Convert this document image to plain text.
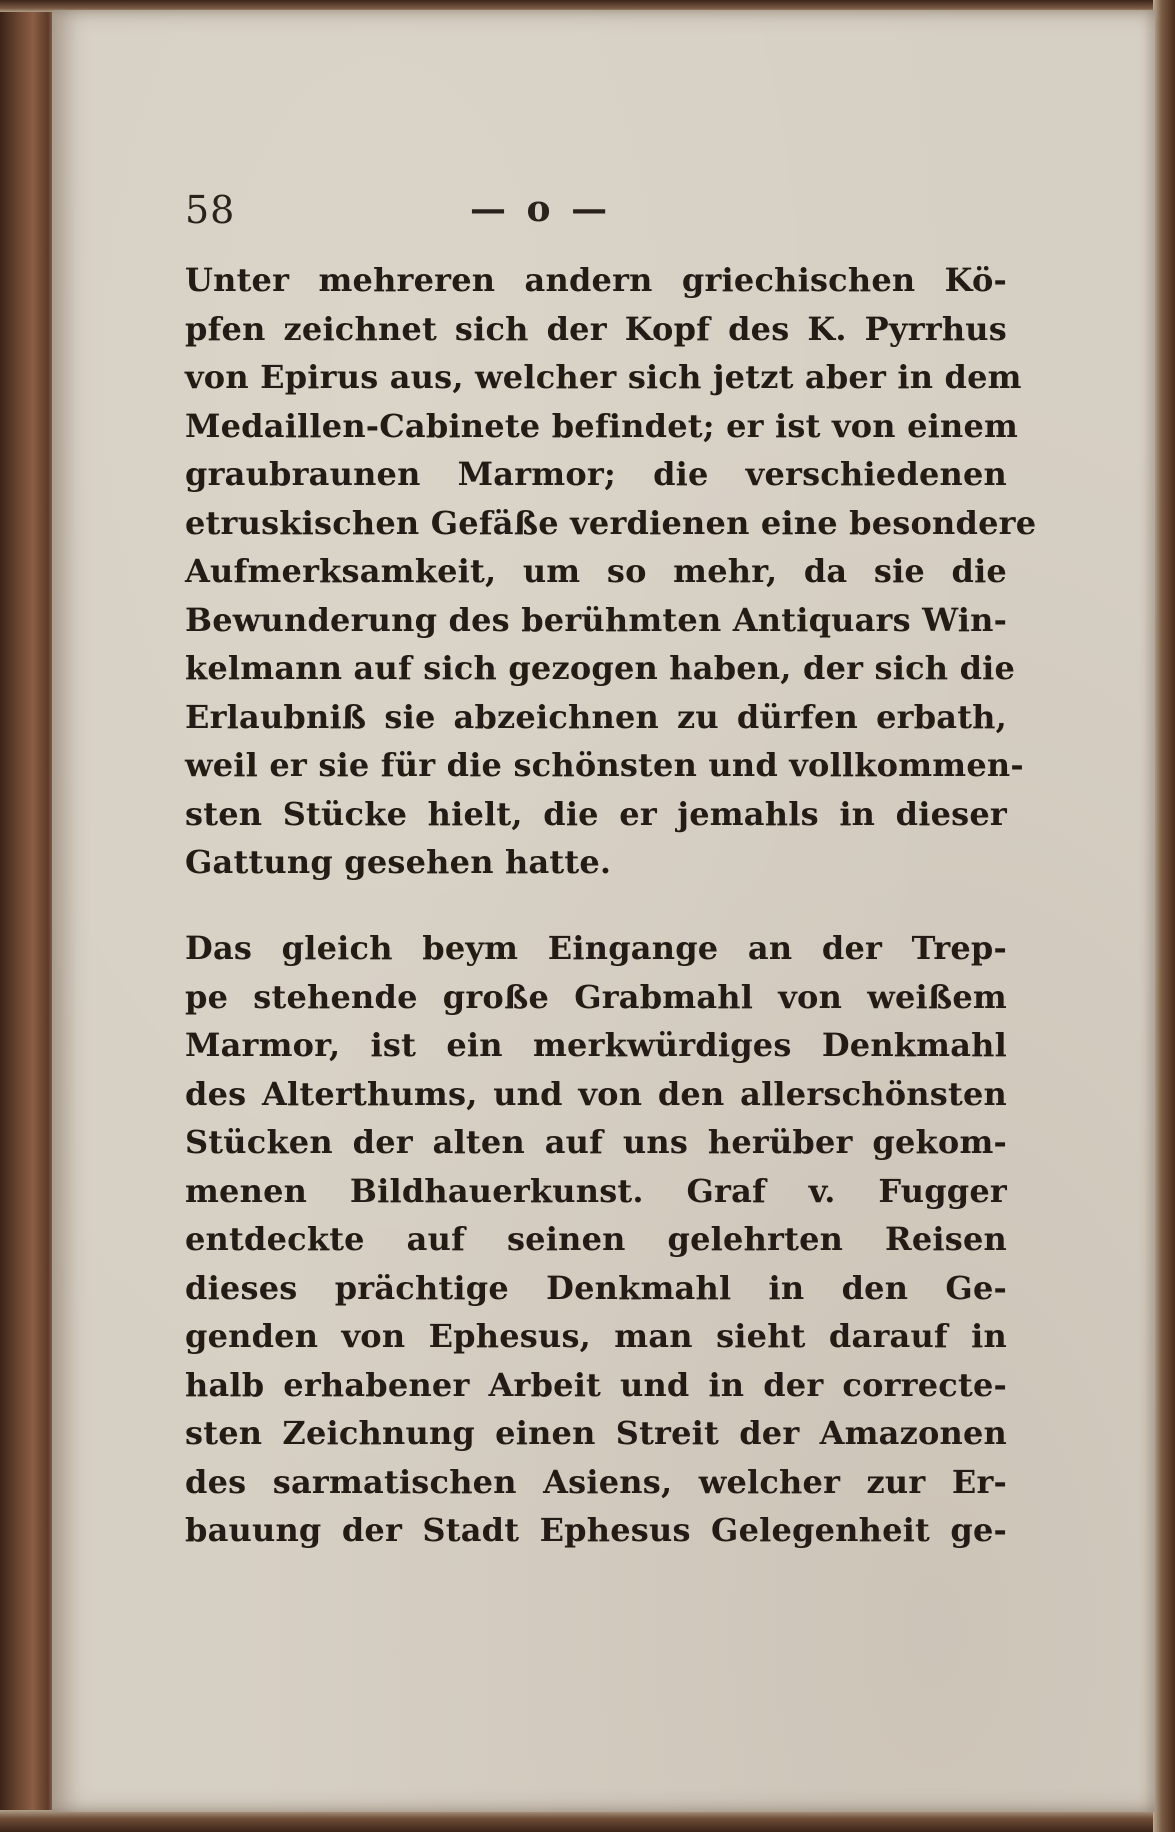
58	— o —
Unter mehreren andern griechischen Kö-
pfen zeichnet sich der Kopf des K. Pyrrhus
von Epirus aus, welcher sich jetzt aber in dem
Medaillen-Cabinete befindet; er ist von einem
graubraunen Marmor; die verschiedenen
etruskischen Gefäße verdienen eine besondere
Aufmerksamkeit, um so mehr, da sie die
Bewunderung des berühmten Antiquars Win-
kelmann auf sich gezogen haben, der sich die
Erlaubniß sie abzeichnen zu dürfen erbath,
weil er sie für die schönsten und vollkommen-
sten Stücke hielt, die er jemahls in dieser
Gattung gesehen hatte.
Das gleich beym Eingange an der Trep-
pe stehende große Grabmahl von weißem
Marmor, ist ein merkwürdiges Denkmahl
des Alterthums, und von den allerschönsten
Stücken der alten auf uns herüber gekom-
menen Bildhauerkunst. Graf v. Fugger
entdeckte auf seinen gelehrten Reisen
dieses prächtige Denkmahl in den Ge-
genden von Ephesus, man sieht darauf in
halb erhabener Arbeit und in der correcte-
sten Zeichnung einen Streit der Amazonen
des sarmatischen Asiens, welcher zur Er-
bauung der Stadt Ephesus Gelegenheit ge-
